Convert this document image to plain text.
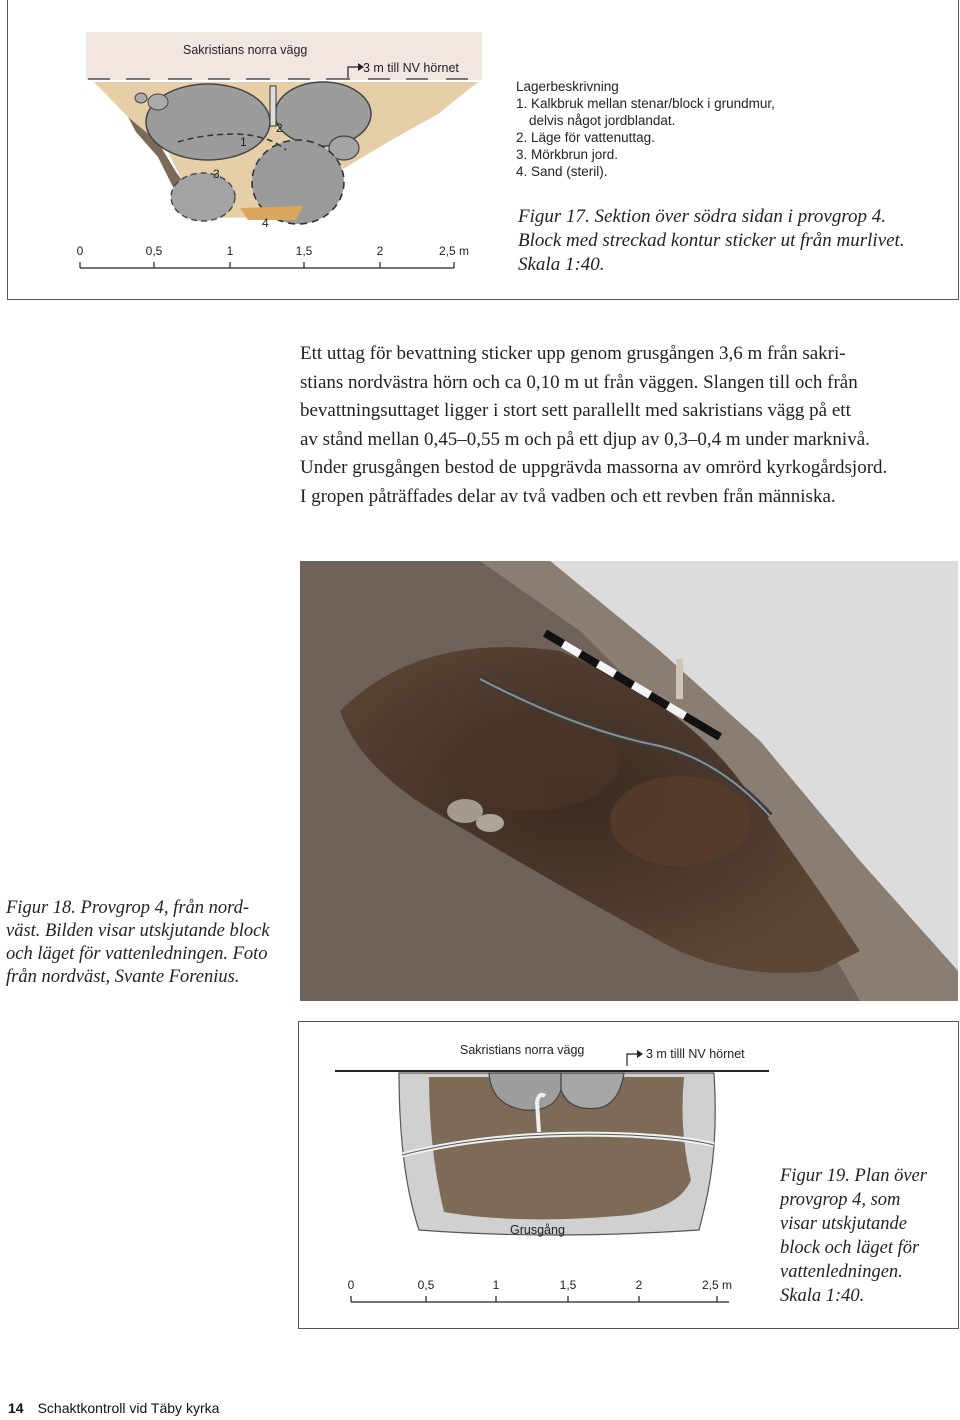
1
2
3
4
Sakristians norra vägg
3 m till NV hörnet
0	0,5	1	1,5	2	2,5 m
Lagerbeskrivning
1. Kalkbruk mellan stenar/block i grundmur,
delvis något jordblandat.
2. Läge för vattenuttag.
3. Mörkbrun jord.
4. Sand (steril).
Figur 17. Sektion över södra sidan i provgrop 4.
Block med streckad kontur sticker ut från murlivet.
Skala 1:40.

Ett uttag för bevattning sticker upp genom grusgången 3,6 m från sakri-

stians nordvästra hörn och ca 0,10 m ut från väggen. Slangen till och från

bevattningsuttaget ligger i stort sett parallellt med sakristians vägg på ett

av stånd mellan 0,45–0,55 m och på ett djup av 0,3–0,4 m under marknivå.

Under grusgången bestod de uppgrävda massorna av omrörd kyrkogårdsjord.

I gropen påträffades delar av två vadben och ett revben från människa.

Figur 18. Provgrop 4, från nord-
väst. Bilden visar utskjutande block
och läget för vattenledningen. Foto
från nordväst, Svante Forenius.
Sakristians norra vägg	3 m tilll NV hörnet
Grusgång
0	0,5	1	1,5	2	2,5 m
Figur 19. Plan över
provgrop 4, som
visar utskjutande
block och läget för
vattenledningen.
Skala 1:40.
14 Schaktkontroll vid Täby kyrka
